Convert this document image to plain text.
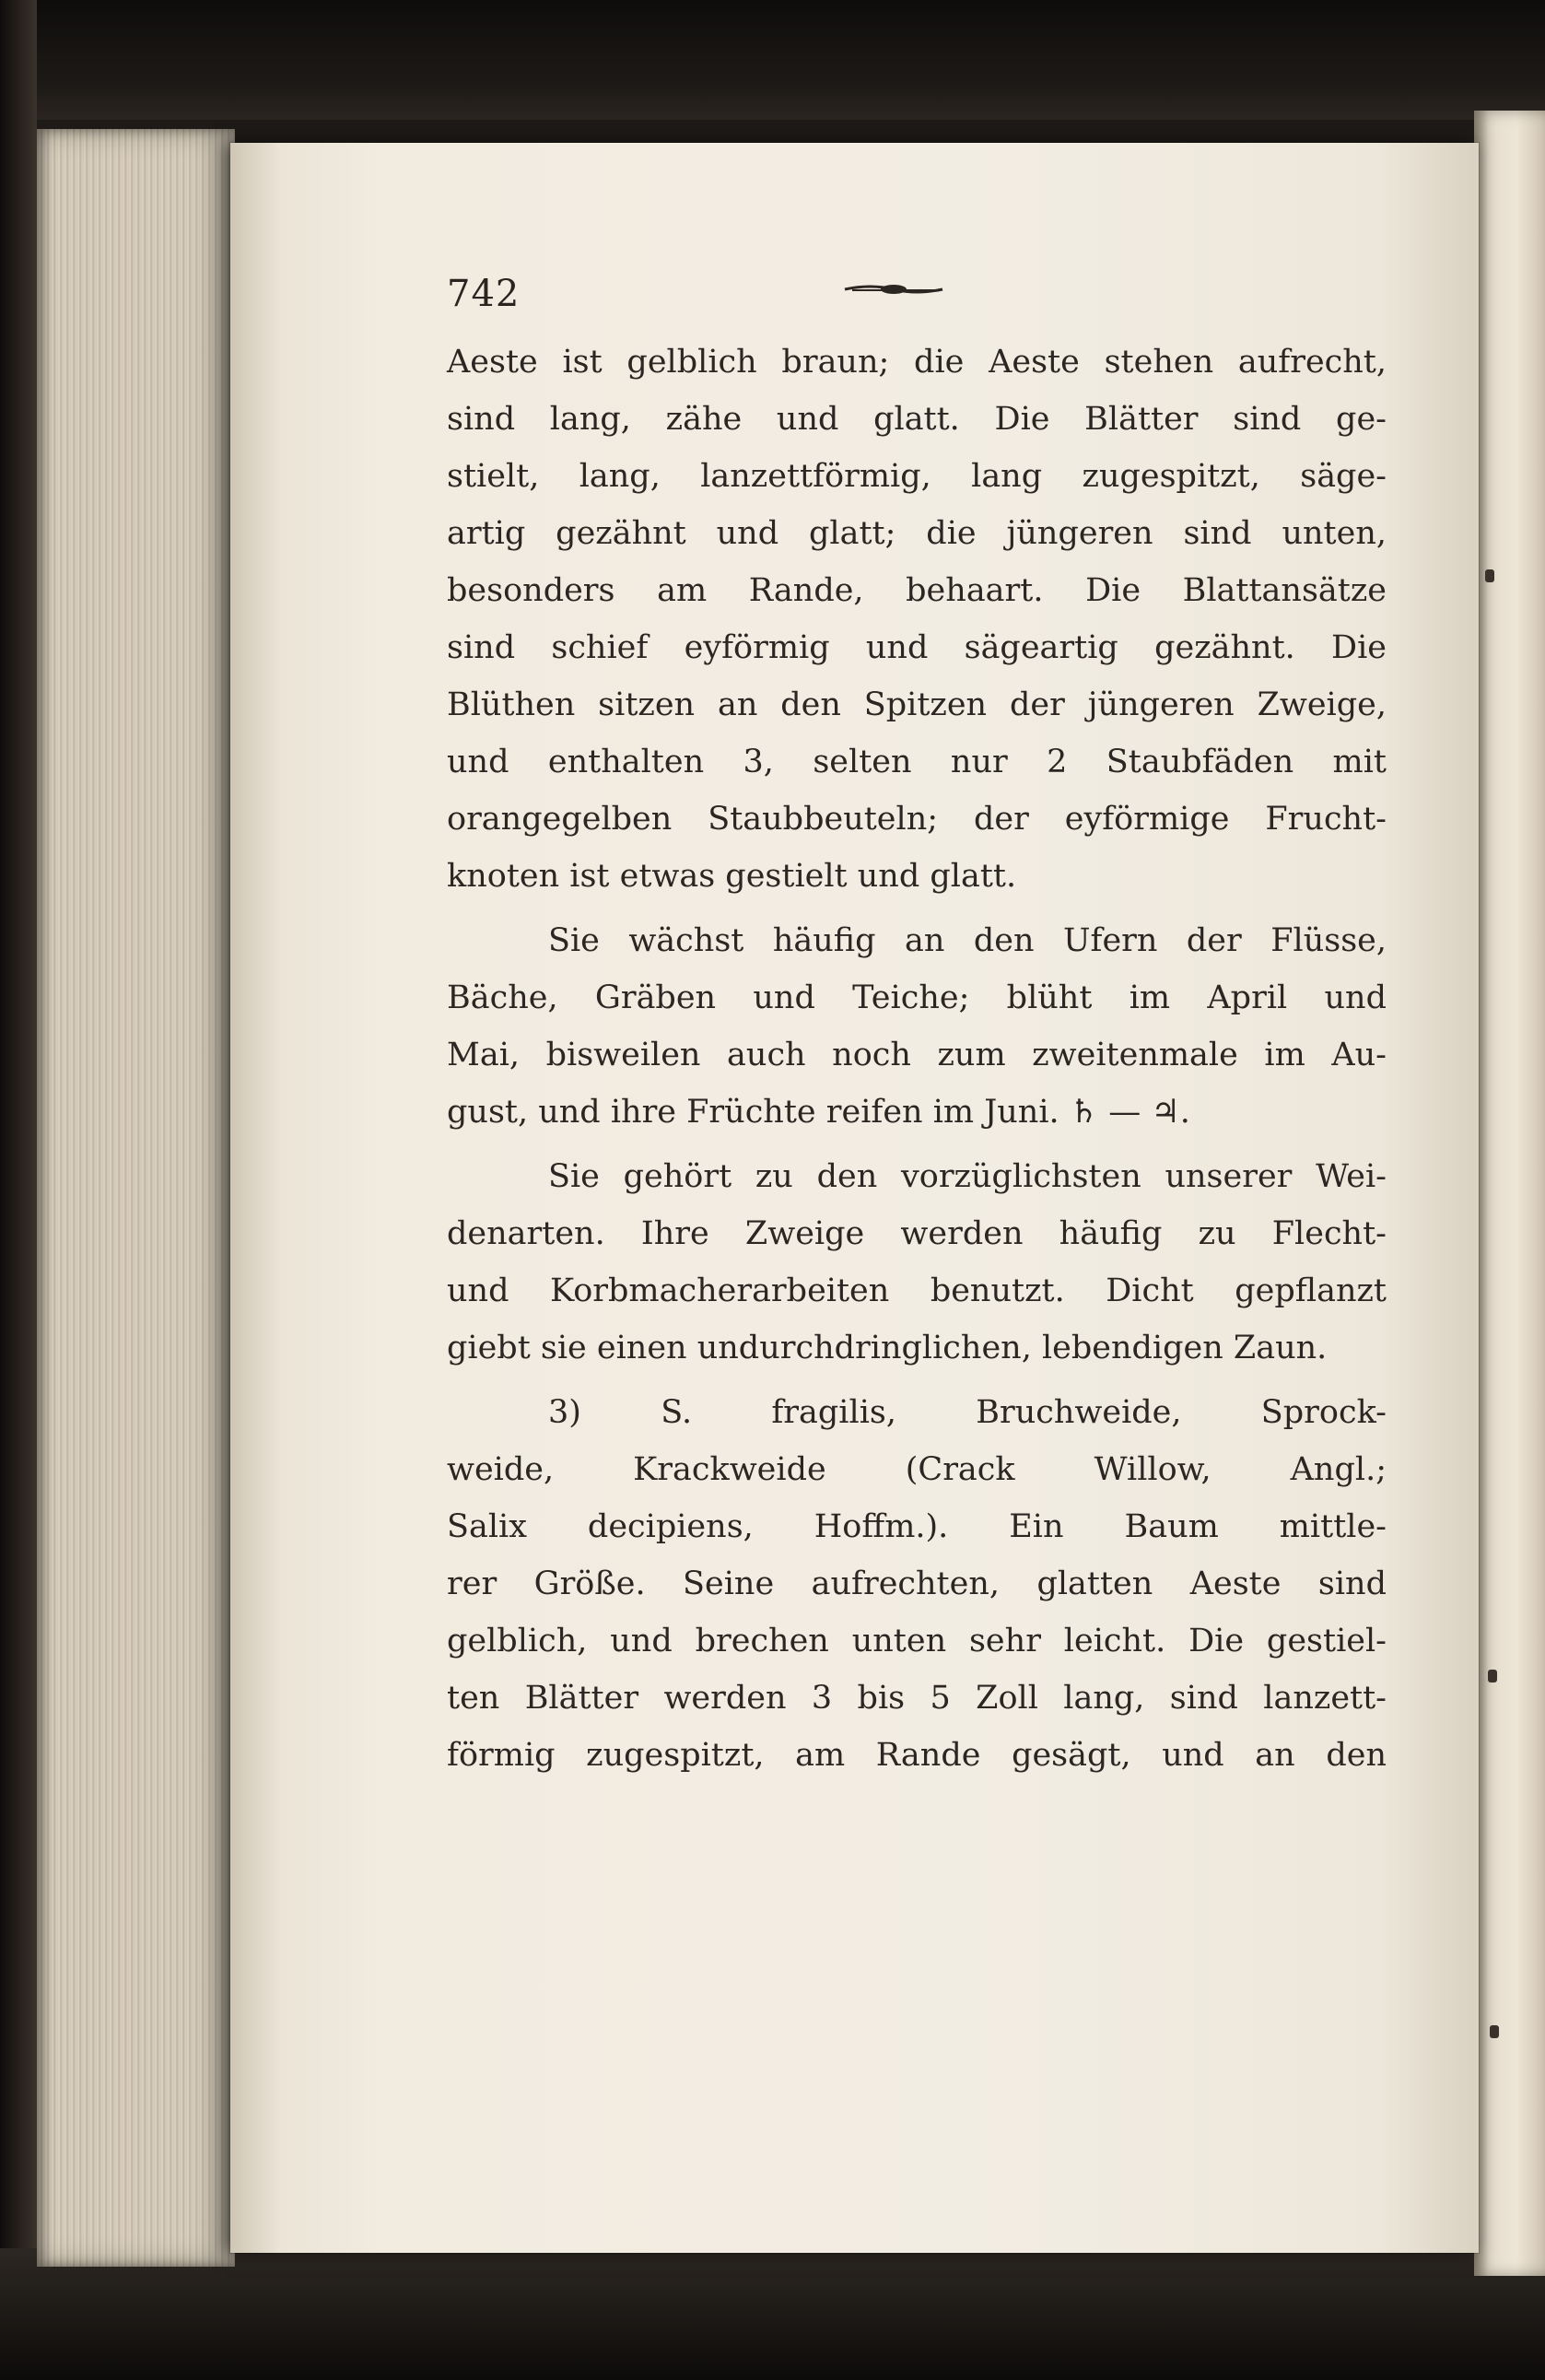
742
Aeste ist gelblich braun; die Aeste stehen aufrecht,
sind lang, zähe und glatt. Die Blätter sind ge-
stielt, lang, lanzettförmig, lang zugespitzt, säge-
artig gezähnt und glatt; die jüngeren sind unten,
besonders am Rande, behaart. Die Blattansätze
sind schief eyförmig und sägeartig gezähnt. Die
Blüthen sitzen an den Spitzen der jüngeren Zweige,
und enthalten 3, selten nur 2 Staubfäden mit
orangegelben Staubbeuteln; der eyförmige Frucht-
knoten ist etwas gestielt und glatt.
Sie wächst häufig an den Ufern der Flüsse,
Bäche, Gräben und Teiche; blüht im April und
Mai, bisweilen auch noch zum zweitenmale im Au-
gust, und ihre Früchte reifen im Juni. ♄ — ♃.
Sie gehört zu den vorzüglichsten unserer Wei-
denarten. Ihre Zweige werden häufig zu Flecht-
und Korbmacherarbeiten benutzt. Dicht gepflanzt
giebt sie einen undurchdringlichen, lebendigen Zaun.
3) S. fragilis, Bruchweide, Sprock-
weide, Krackweide (Crack Willow, Angl.;
Salix decipiens, Hoffm.). Ein Baum mittle-
rer Größe. Seine aufrechten, glatten Aeste sind
gelblich, und brechen unten sehr leicht. Die gestiel-
ten Blätter werden 3 bis 5 Zoll lang, sind lanzett-
förmig zugespitzt, am Rande gesägt, und an den
